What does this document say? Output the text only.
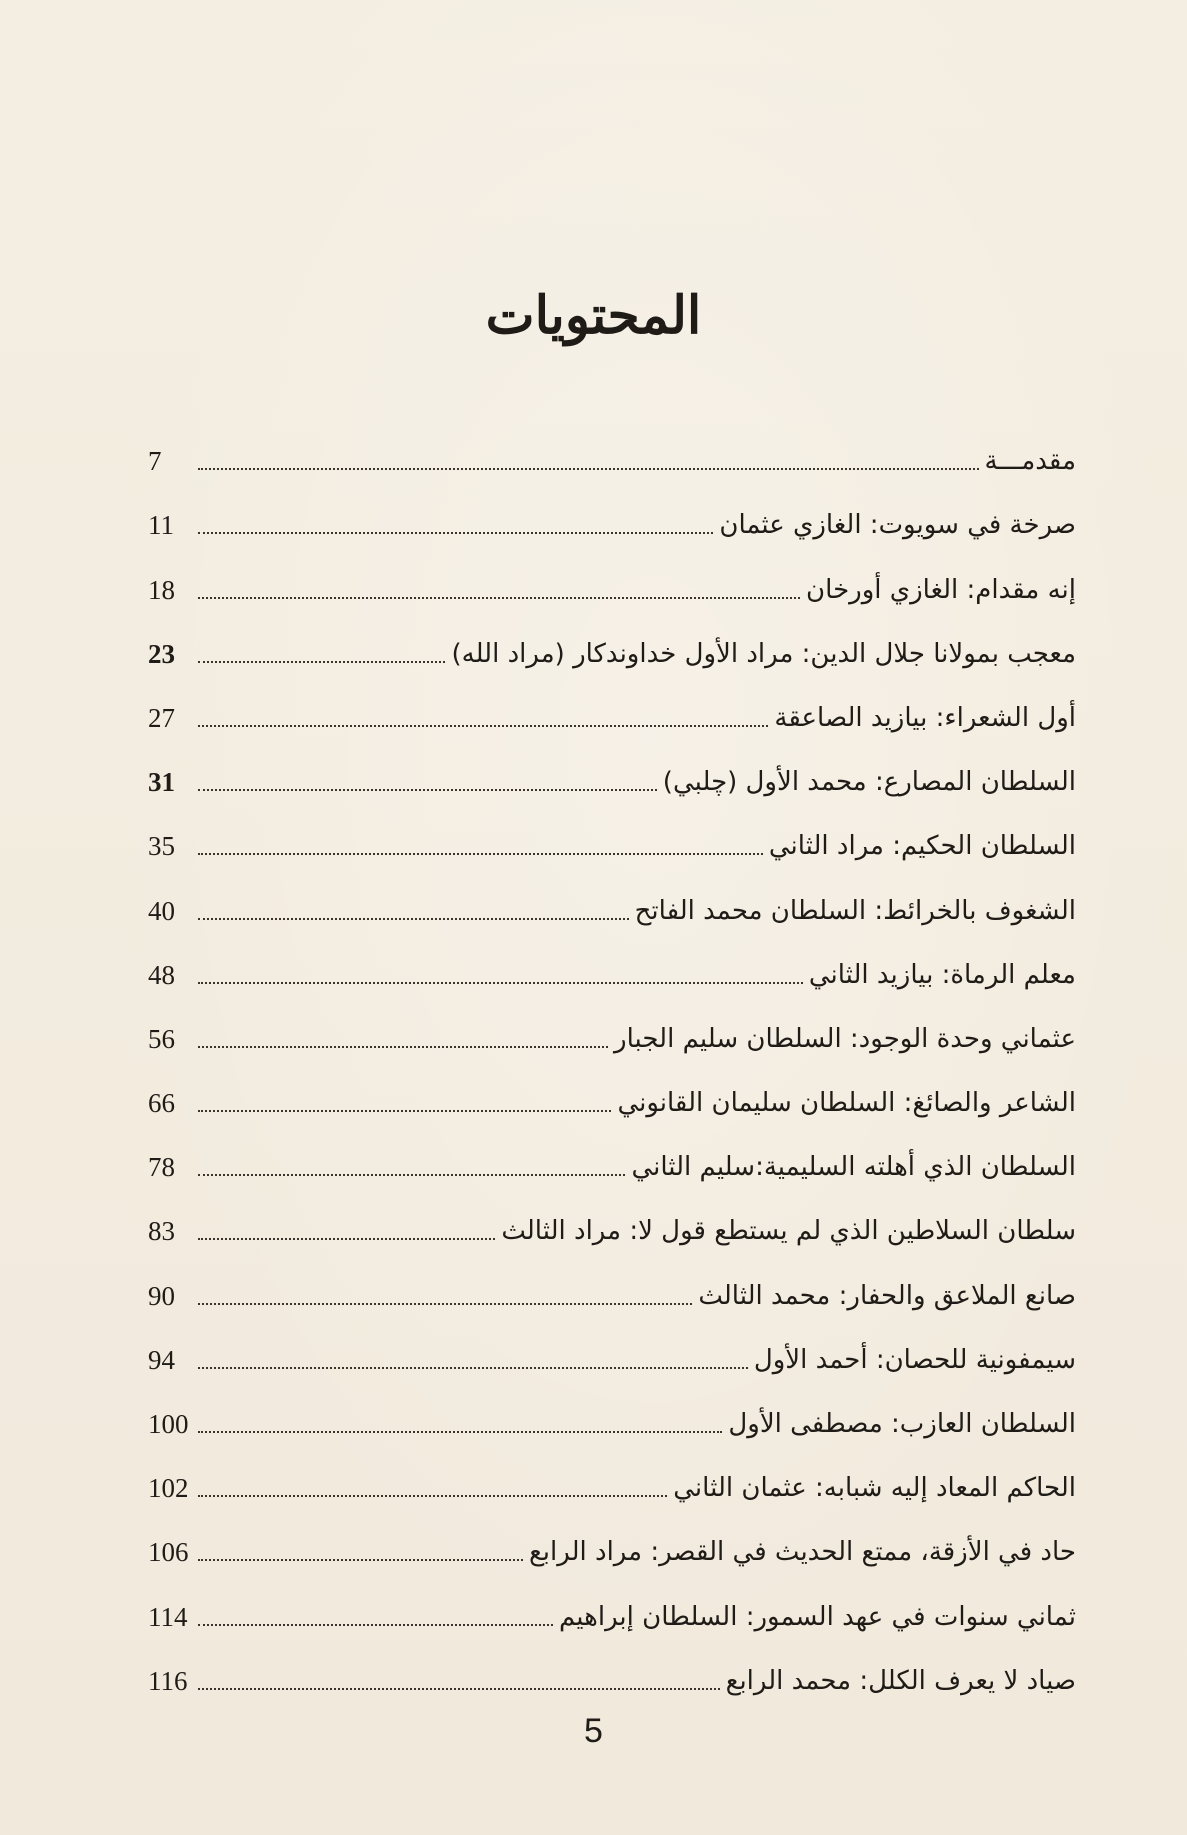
المحتويات
مقدمـــة
7
صرخة في سويوت: الغازي عثمان
11
إنه مقدام: الغازي أورخان
18
معجب بمولانا جلال الدين: مراد الأول خداوندكار (مراد الله)
23
أول الشعراء: بيازيد الصاعقة
27
السلطان المصارع: محمد الأول (چلبي)
31
السلطان الحكيم: مراد الثاني
35
الشغوف بالخرائط: السلطان محمد الفاتح
40
معلم الرماة: بيازيد الثاني
48
عثماني وحدة الوجود: السلطان سليم الجبار
56
الشاعر والصائغ: السلطان سليمان القانوني
66
السلطان الذي أهلته السليمية:سليم الثاني
78
سلطان السلاطين الذي لم يستطع قول لا: مراد الثالث
83
صانع الملاعق والحفار: محمد الثالث
90
سيمفونية للحصان: أحمد الأول
94
السلطان العازب: مصطفى الأول
100
الحاكم المعاد إليه شبابه: عثمان الثاني
102
حاد في الأزقة، ممتع الحديث في القصر: مراد الرابع
106
ثماني سنوات في عهد السمور: السلطان إبراهيم
114
صياد لا يعرف الكلل: محمد الرابع
116
5
